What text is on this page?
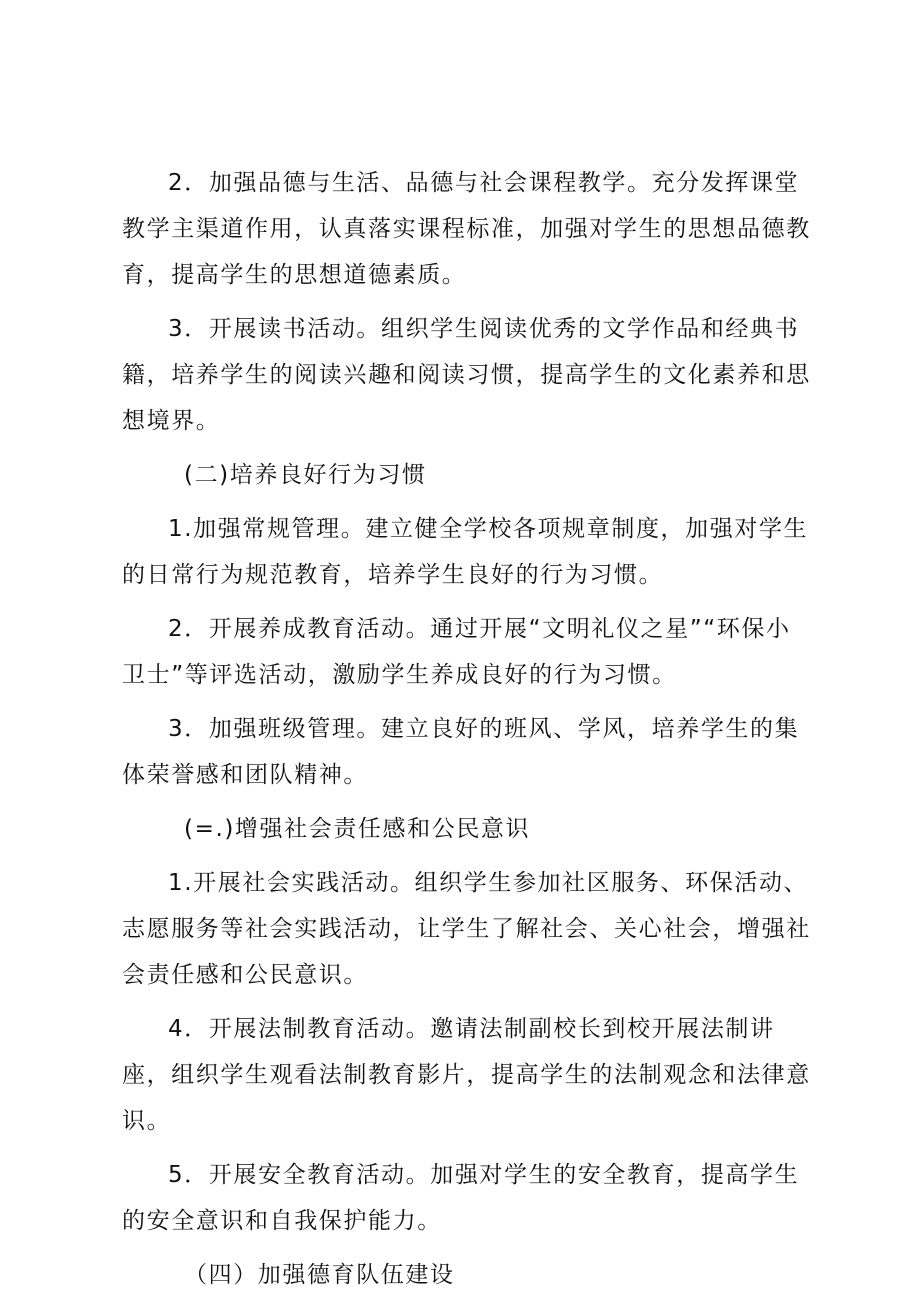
2．加强品德与生活、品德与社会课程教学。充分发挥课堂教学主渠道作用，认真落实课程标准，加强对学生的思想品德教育，提高学生的思想道德素质。

3．开展读书活动。组织学生阅读优秀的文学作品和经典书籍，培养学生的阅读兴趣和阅读习惯，提高学生的文化素养和思想境界。

(二)培养良好行为习惯

1.加强常规管理。建立健全学校各项规章制度，加强对学生的日常行为规范教育，培养学生良好的行为习惯。

2．开展养成教育活动。通过开展“文明礼仪之星”“环保小卫士”等评选活动，激励学生养成良好的行为习惯。

3．加强班级管理。建立良好的班风、学风，培养学生的集体荣誉感和团队精神。

(=.)增强社会责任感和公民意识

1.开展社会实践活动。组织学生参加社区服务、环保活动、志愿服务等社会实践活动，让学生了解社会、关心社会，增强社会责任感和公民意识。

4．开展法制教育活动。邀请法制副校长到校开展法制讲座，组织学生观看法制教育影片，提高学生的法制观念和法律意识。

5．开展安全教育活动。加强对学生的安全教育，提高学生的安全意识和自我保护能力。

（四）加强德育队伍建设
